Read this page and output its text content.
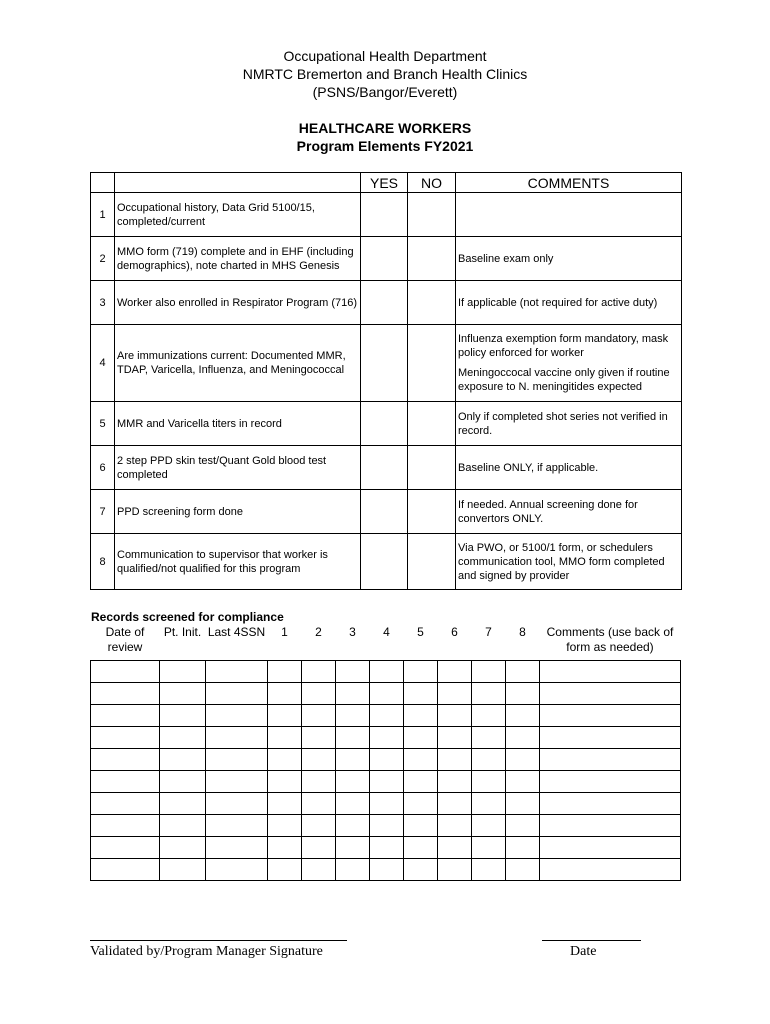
Occupational Health Department
NMRTC Bremerton and Branch Health Clinics
(PSNS/Bangor/Everett)
HEALTHCARE WORKERS
Program Elements FY2021
		YES	NO	COMMENTS
1	Occupational history, Data Grid 5100/15, completed/current			
2	MMO form (719) complete and in EHF (including demographics), note charted in MHS Genesis			Baseline exam only
3	Worker also enrolled in Respirator Program (716)			If applicable (not required for active duty)
4	Are immunizations current: Documented MMR, TDAP, Varicella, Influenza, and Meningococcal			Influenza exemption form mandatory, mask policy enforced for worker

Meningoccocal vaccine only given if routine exposure to N. meningitides expected

5	MMR and Varicella titers in record			Only if completed shot series not verified in record.
6	2 step PPD skin test/Quant Gold blood test completed			Baseline ONLY, if applicable.
7	PPD screening form done			If needed. Annual screening done for convertors ONLY.
8	Communication to supervisor that worker is qualified/not qualified for this program			Via PWO, or 5100/1 form, or schedulers communication tool, MMO form completed and signed by provider
Records screened for compliance
Date of review	Pt. Init.	Last 4SSN	1	2	3	4	5	6	7	8	Comments (use back of form as needed)

Validated by/Program Manager Signature	Date
